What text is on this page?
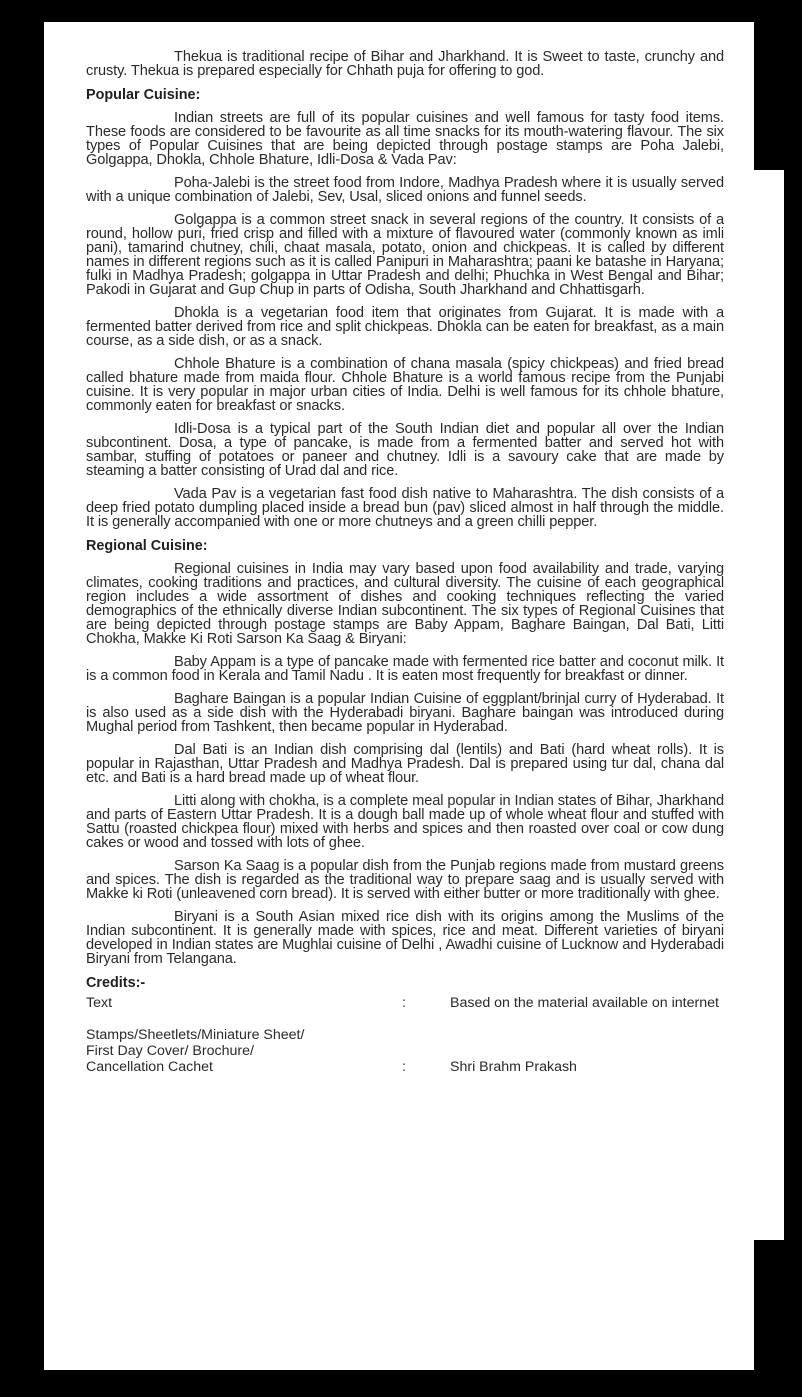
Thekua is traditional recipe of Bihar and Jharkhand. It is Sweet to taste, crunchy and crusty. Thekua is prepared especially for Chhath puja for offering to god.

Popular Cuisine:

Indian streets are full of its popular cuisines and well famous for tasty food items. These foods are considered to be favourite as all time snacks for its mouth-watering flavour. The six types of Popular Cuisines that are being depicted through postage stamps are Poha Jalebi, Golgappa, Dhokla, Chhole Bhature, Idli-Dosa & Vada Pav:

Poha-Jalebi is the street food from Indore, Madhya Pradesh where it is usually served with a unique combination of Jalebi, Sev, Usal, sliced onions and funnel seeds.

Golgappa is a common street snack in several regions of the country. It consists of a round, hollow puri, fried crisp and filled with a mixture of flavoured water (commonly known as imli pani), tamarind chutney, chili, chaat masala, potato, onion and chickpeas. It is called by different names in different regions such as it is called Panipuri in Maharashtra; paani ke batashe in Haryana; fulki in Madhya Pradesh; golgappa in Uttar Pradesh and delhi; Phuchka in West Bengal and Bihar; Pakodi in Gujarat and Gup Chup in parts of Odisha, South Jharkhand and Chhattisgarh.

Dhokla is a vegetarian food item that originates from Gujarat. It is made with a fermented batter derived from rice and split chickpeas. Dhokla can be eaten for breakfast, as a main course, as a side dish, or as a snack.

Chhole Bhature is a combination of chana masala (spicy chickpeas) and fried bread called bhature made from maida flour. Chhole Bhature is a world famous recipe from the Punjabi cuisine. It is very popular in major urban cities of India. Delhi is well famous for its chhole bhature, commonly eaten for breakfast or snacks.

Idli-Dosa is a typical part of the South Indian diet and popular all over the Indian subcontinent. Dosa, a type of pancake, is made from a fermented batter and served hot with sambar, stuffing of potatoes or paneer and chutney. Idli is a savoury cake that are made by steaming a batter consisting of Urad dal and rice.

Vada Pav is a vegetarian fast food dish native to Maharashtra. The dish consists of a deep fried potato dumpling placed inside a bread bun (pav) sliced almost in half through the middle. It is generally accompanied with one or more chutneys and a green chilli pepper.

Regional Cuisine:

Regional cuisines in India may vary based upon food availability and trade, varying climates, cooking traditions and practices, and cultural diversity. The cuisine of each geographical region includes a wide assortment of dishes and cooking techniques reflecting the varied demographics of the ethnically diverse Indian subcontinent. The six types of Regional Cuisines that are being depicted through postage stamps are Baby Appam, Baghare Baingan, Dal Bati, Litti Chokha, Makke Ki Roti Sarson Ka Saag & Biryani:

Baby Appam is a type of pancake made with fermented rice batter and coconut milk. It is a common food in Kerala and Tamil Nadu . It is eaten most frequently for breakfast or dinner.

Baghare Baingan is a popular Indian Cuisine of eggplant/brinjal curry of Hyderabad. It is also used as a side dish with the Hyderabadi biryani. Baghare baingan was introduced during Mughal period from Tashkent, then became popular in Hyderabad.

Dal Bati is an Indian dish comprising dal (lentils) and Bati (hard wheat rolls). It is popular in Rajasthan, Uttar Pradesh and Madhya Pradesh. Dal is prepared using tur dal, chana dal etc. and Bati is a hard bread made up of wheat flour.

Litti along with chokha, is a complete meal popular in Indian states of Bihar, Jharkhand and parts of Eastern Uttar Pradesh. It is a dough ball made up of whole wheat flour and stuffed with Sattu (roasted chickpea flour) mixed with herbs and spices and then roasted over coal or cow dung cakes or wood and tossed with lots of ghee.

Sarson Ka Saag is a popular dish from the Punjab regions made from mustard greens and spices. The dish is regarded as the traditional way to prepare saag and is usually served with Makke ki Roti (unleavened corn bread). It is served with either butter or more traditionally with ghee.

Biryani is a South Asian mixed rice dish with its origins among the Muslims of the Indian subcontinent. It is generally made with spices, rice and meat. Different varieties of biryani developed in Indian states are Mughlai cuisine of Delhi , Awadhi cuisine of Lucknow and Hyderabadi Biryani from Telangana.

Credits:-
Text	:	Based on the material available on internet
Stamps/Sheetlets/Miniature Sheet/
First Day Cover/ Brochure/
Cancellation Cachet	:	Shri Brahm Prakash
